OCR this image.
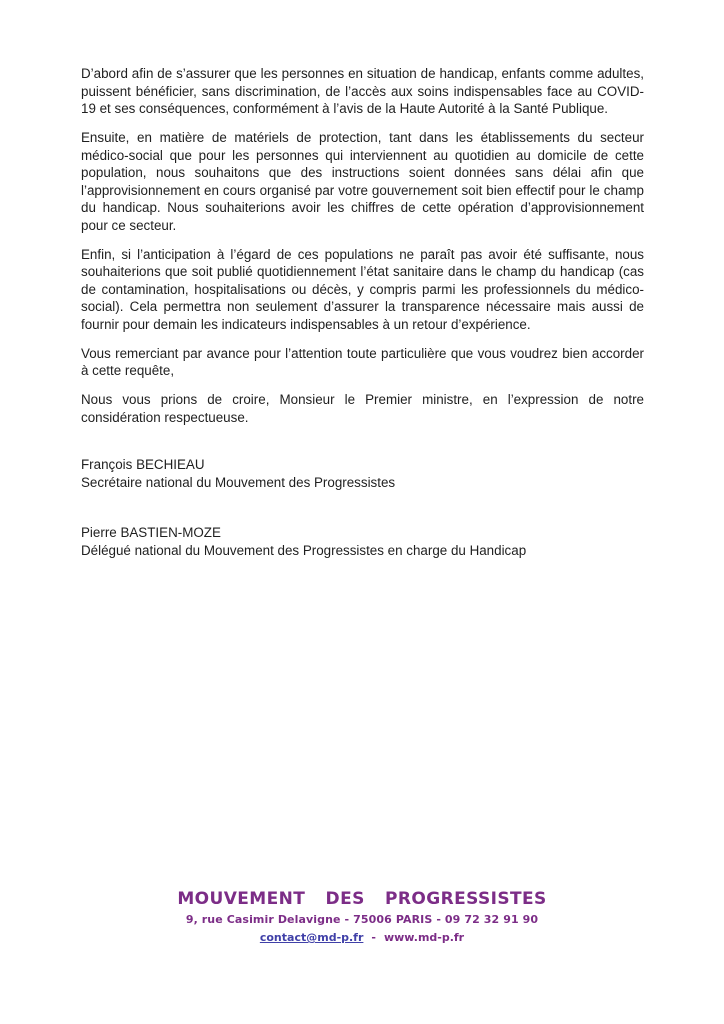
D’abord afin de s’assurer que les personnes en situation de handicap, enfants comme adultes, puissent bénéficier, sans discrimination, de l’accès aux soins indispensables face au COVID-19 et ses conséquences, conformément à l’avis de la Haute Autorité à la Santé Publique.

Ensuite, en matière de matériels de protection, tant dans les établissements du secteur médico-social que pour les personnes qui interviennent au quotidien au domicile de cette population, nous souhaitons que des instructions soient données sans délai afin que l’approvisionnement en cours organisé par votre gouvernement soit bien effectif pour le champ du handicap. Nous souhaiterions avoir les chiffres de cette opération d’approvisionnement pour ce secteur.

Enfin, si l’anticipation à l’égard de ces populations ne paraît pas avoir été suffisante, nous souhaiterions que soit publié quotidiennement l’état sanitaire dans le champ du handicap (cas de contamination, hospitalisations ou décès, y compris parmi les professionnels du médico-social). Cela permettra non seulement d’assurer la transparence nécessaire mais aussi de fournir pour demain les indicateurs indispensables à un retour d’expérience.

Vous remerciant par avance pour l’attention toute particulière que vous voudrez bien accorder à cette requête,

Nous vous prions de croire, Monsieur le Premier ministre, en l’expression de notre considération respectueuse.

François BECHIEAU
Secrétaire national du Mouvement des Progressistes
Pierre BASTIEN-MOZE
Délégué national du Mouvement des Progressistes en charge du Handicap
MOUVEMENT DES PROGRESSISTES
9, rue Casimir Delavigne - 75006 PARIS - 09 72 32 91 90
contact@md-p.fr - www.md-p.fr
